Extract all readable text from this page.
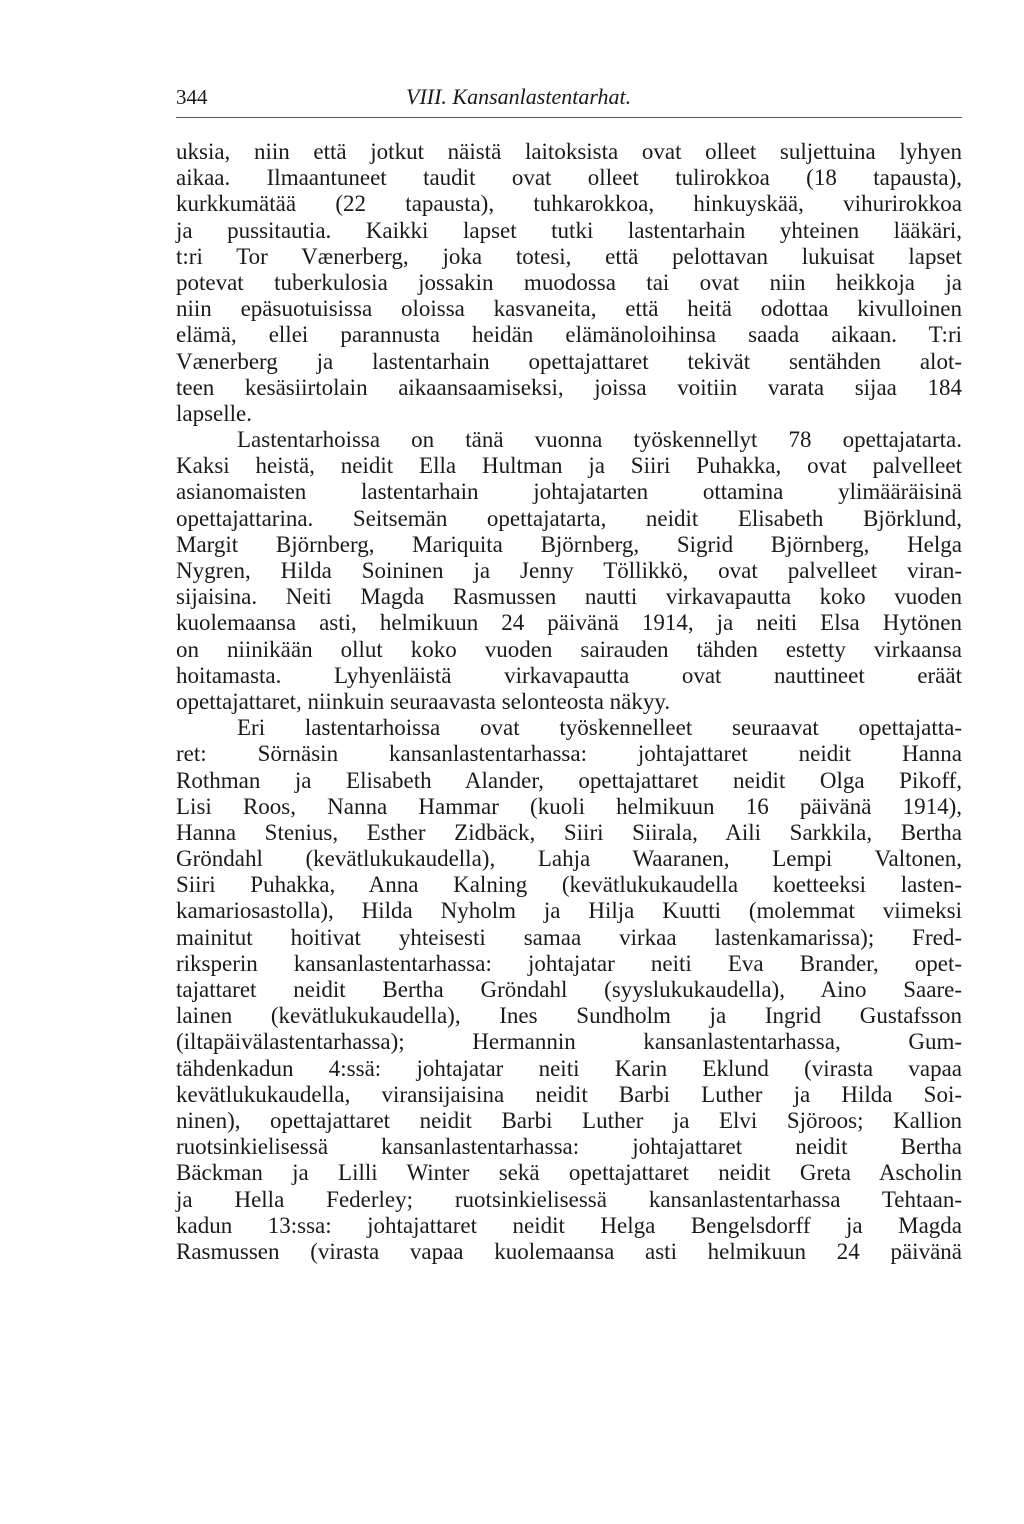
344	VIII. Kansanlastentarhat.
uksia, niin että jotkut näistä laitoksista ovat olleet suljettuina lyhyen
aikaa. Ilmaantuneet taudit ovat olleet tulirokkoa (18 tapausta),
kurkkumätää (22 tapausta), tuhkarokkoa, hinkuyskää, vihurirokkoa
ja pussitautia. Kaikki lapset tutki lastentarhain yhteinen lääkäri,
t:ri Tor Vænerberg, joka totesi, että pelottavan lukuisat lapset
potevat tuberkulosia jossakin muodossa tai ovat niin heikkoja ja
niin epäsuotuisissa oloissa kasvaneita, että heitä odottaa kivulloinen
elämä, ellei parannusta heidän elämänoloihinsa saada aikaan. T:ri
Vænerberg ja lastentarhain opettajattaret tekivät sentähden alot-
teen kesäsiirtolain aikaansaamiseksi, joissa voitiin varata sijaa 184
lapselle.
Lastentarhoissa on tänä vuonna työskennellyt 78 opettajatarta.
Kaksi heistä, neidit Ella Hultman ja Siiri Puhakka, ovat palvelleet
asianomaisten lastentarhain johtajatarten ottamina ylimääräisinä
opettajattarina. Seitsemän opettajatarta, neidit Elisabeth Björklund,
Margit Björnberg, Mariquita Björnberg, Sigrid Björnberg, Helga
Nygren, Hilda Soininen ja Jenny Töllikkö, ovat palvelleet viran-
sijaisina. Neiti Magda Rasmussen nautti virkavapautta koko vuoden
kuolemaansa asti, helmikuun 24 päivänä 1914, ja neiti Elsa Hytönen
on niinikään ollut koko vuoden sairauden tähden estetty virkaansa
hoitamasta. Lyhyenläistä virkavapautta ovat nauttineet eräät
opettajattaret, niinkuin seuraavasta selonteosta näkyy.
Eri lastentarhoissa ovat työskennelleet seuraavat opettajatta-
ret: Sörnäsin kansanlastentarhassa: johtajattaret neidit Hanna
Rothman ja Elisabeth Alander, opettajattaret neidit Olga Pikoff,
Lisi Roos, Nanna Hammar (kuoli helmikuun 16 päivänä 1914),
Hanna Stenius, Esther Zidbäck, Siiri Siirala, Aili Sarkkila, Bertha
Gröndahl (kevätlukukaudella), Lahja Waaranen, Lempi Valtonen,
Siiri Puhakka, Anna Kalning (kevätlukukaudella koetteeksi lasten-
kamariosastolla), Hilda Nyholm ja Hilja Kuutti (molemmat viimeksi
mainitut hoitivat yhteisesti samaa virkaa lastenkamarissa); Fred-
riksperin kansanlastentarhassa: johtajatar neiti Eva Brander, opet-
tajattaret neidit Bertha Gröndahl (syyslukukaudella), Aino Saare-
lainen (kevätlukukaudella), Ines Sundholm ja Ingrid Gustafsson
(iltapäivälastentarhassa); Hermannin kansanlastentarhassa, Gum-
tähdenkadun 4:ssä: johtajatar neiti Karin Eklund (virasta vapaa
kevätlukukaudella, viransijaisina neidit Barbi Luther ja Hilda Soi-
ninen), opettajattaret neidit Barbi Luther ja Elvi Sjöroos; Kallion
ruotsinkielisessä kansanlastentarhassa: johtajattaret neidit Bertha
Bäckman ja Lilli Winter sekä opettajattaret neidit Greta Ascholin
ja Hella Federley; ruotsinkielisessä kansanlastentarhassa Tehtaan-
kadun 13:ssa: johtajattaret neidit Helga Bengelsdorff ja Magda
Rasmussen (virasta vapaa kuolemaansa asti helmikuun 24 päivänä
